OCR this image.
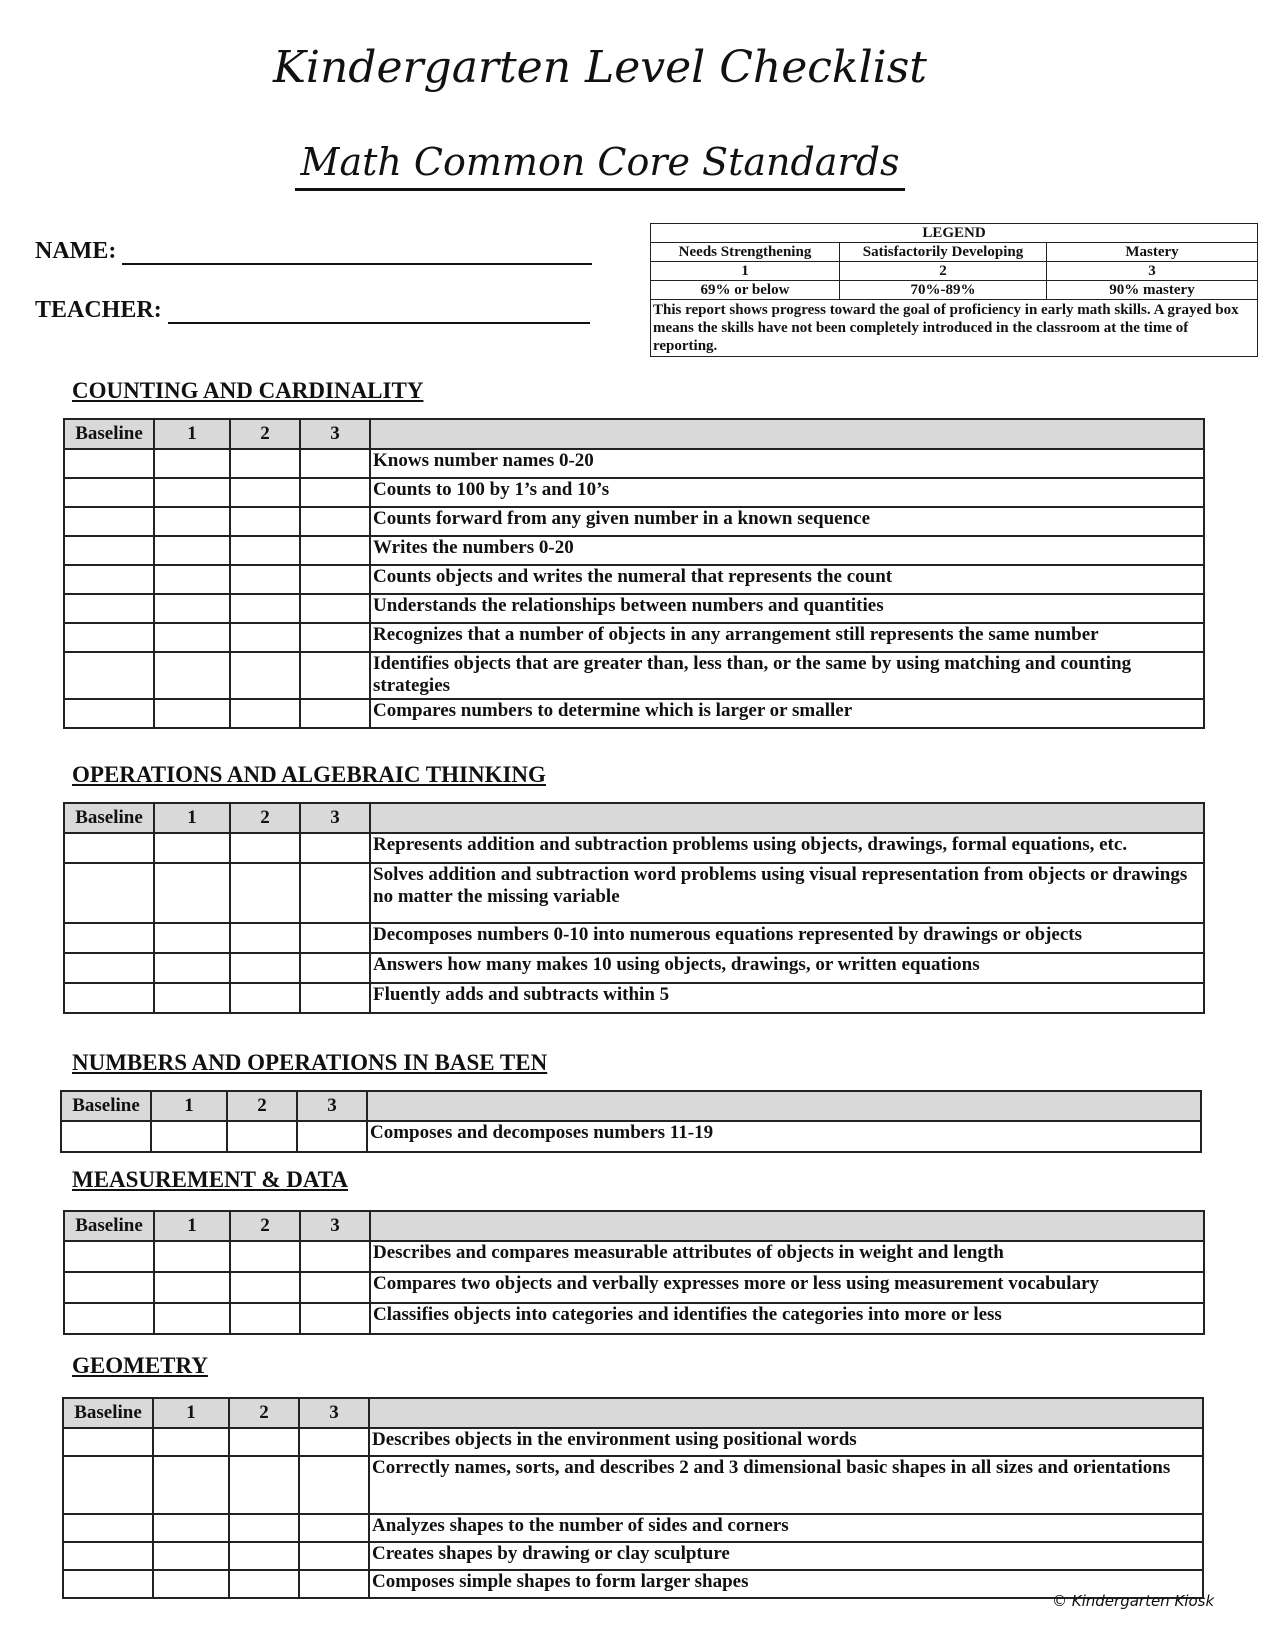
Kindergarten Level Checklist
Math Common Core Standards
NAME:
TEACHER:
LEGEND		
Needs Strengthening	Satisfactorily Developing	Mastery
1	2	3
69% or below	70%-89%	90% mastery
This report shows progress toward the goal of proficiency in early math skills. A grayed box means the skills have not been completely introduced in the classroom at the time of reporting.		
COUNTING AND CARDINALITY
Baseline	1	2	3	
				Knows number names 0-20
				Counts to 100 by 1’s and 10’s
				Counts forward from any given number in a known sequence
				Writes the numbers 0-20
				Counts objects and writes the numeral that represents the count
				Understands the relationships between numbers and quantities
				Recognizes that a number of objects in any arrangement still represents the same number
				Identifies objects that are greater than, less than, or the same by using matching and counting strategies
				Compares numbers to determine which is larger or smaller
OPERATIONS AND ALGEBRAIC THINKING
Baseline	1	2	3	
				Represents addition and subtraction problems using objects, drawings, formal equations, etc.
				Solves addition and subtraction word problems using visual representation from objects or drawings no matter the missing variable
				Decomposes numbers 0-10 into numerous equations represented by drawings or objects
				Answers how many makes 10 using objects, drawings, or written equations
				Fluently adds and subtracts within 5
NUMBERS AND OPERATIONS IN BASE TEN
Baseline	1	2	3	
				Composes and decomposes numbers 11-19
MEASUREMENT & DATA
Baseline	1	2	3	
				Describes and compares measurable attributes of objects in weight and length
				Compares two objects and verbally expresses more or less using measurement vocabulary
				Classifies objects into categories and identifies the categories into more or less
GEOMETRY
Baseline	1	2	3	
				Describes objects in the environment using positional words
				Correctly names, sorts, and describes 2 and 3 dimensional basic shapes in all sizes and orientations
				Analyzes shapes to the number of sides and corners
				Creates shapes by drawing or clay sculpture
				Composes simple shapes to form larger shapes
© Kindergarten Kiosk
